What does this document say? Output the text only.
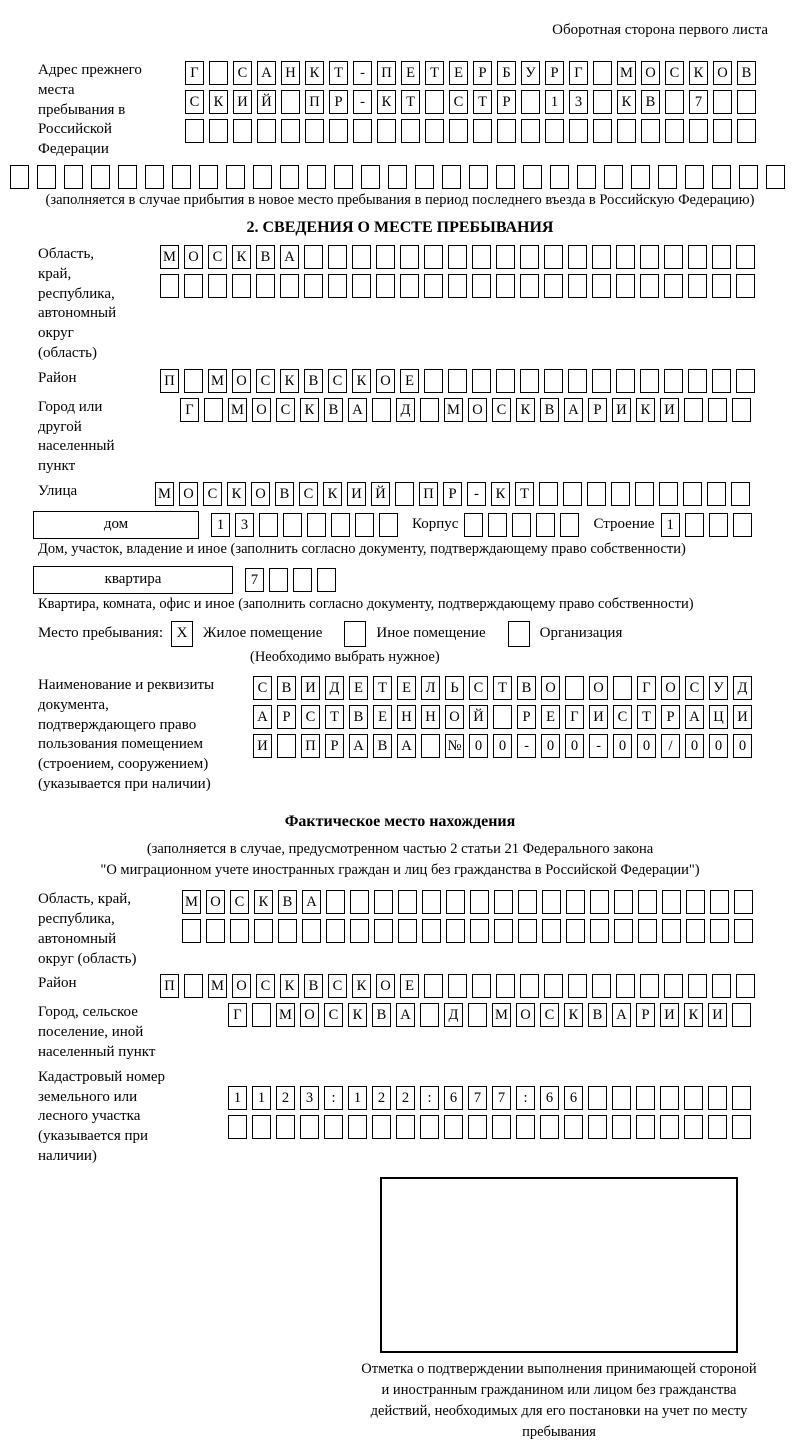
Оборотная сторона первого листа
Адрес прежнего места пребывания в Российской Федерации
Г	С А Н К	Т	-	П Е	Т	Е	Р	Б	У	Р	Г	М О С К О В
С К И Й	П	Р	-	К	Т	С	Т	Р	1	3	К В	7
(заполняется в случае прибытия в новое место пребывания в период последнего въезда в Российскую Федерацию)
2. СВЕДЕНИЯ О МЕСТЕ ПРЕБЫВАНИЯ
Область, край, республика, автономный округ (область)
М О С К В А
Район	П	М О С К В С К О Е
Город или другой населенный пункт
Г	М О С К В А	Д	М О С К В А	Р	И К И
Улица	М О С К О В С К И Й	П	Р	-	К	Т
дом	1	3	Корпус	Строение 1
Дом, участок, владение и иное (заполнить согласно документу, подтверждающему право собственности)
квартира	7
Квартира, комната, офис и иное (заполнить согласно документу, подтверждающему право собственности)
Место пребывания: X	Жилое помещение	Иное помещение	Организация
(Необходимо выбрать нужное)
Наименование и реквизиты документа, подтверждающего право пользования помещением (строением, сооружением) (указывается при наличии)
С В И Д	Е	Т	Е	Л	Ь	С	Т	В О	О	Г	О С У Д
А	Р	С	Т	В	Е Н Н О Й	Р	Е	Г	И С	Т	Р	А Ц И
И	П	Р	А В А № 0	0	-	0	0	-	0	0	/	0	0	0
Фактическое место нахождения
(заполняется в случае, предусмотренном частью 2 статьи 21 Федерального закона
"О миграционном учете иностранных граждан и лиц без гражданства в Российской Федерации")
Область, край, республика, автономный округ (область)
М О С К В А
Район	П	М О С К В С К О Е
Город, сельское поселение, иной населенный пункт
Г	М О С К В А	Д	М О С К В А	Р	И К И
Кадастровый номер земельного или лесного участка (указывается при наличии)
1	1	2	3	:	1	2	2	:	6	7	7	:	6	6
Отметка о подтверждении выполнения принимающей стороной и иностранным гражданином или лицом без гражданства действий, необходимых для его постановки на учет по месту пребывания
